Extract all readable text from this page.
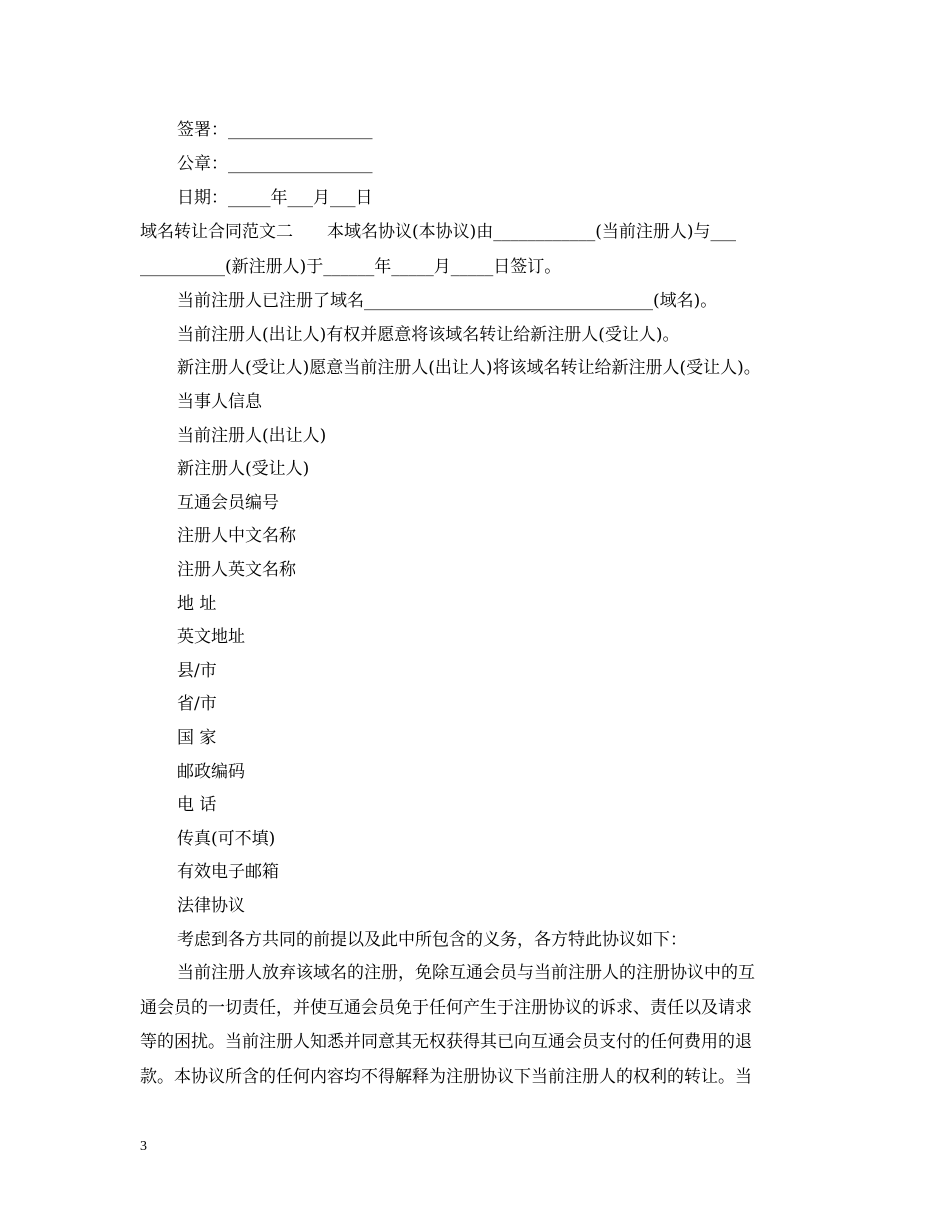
签署：_________________
公章：_________________
日期：_____年___月___日
域名转让合同范文二　　本域名协议(本协议)由____________(当前注册人)与___
__________(新注册人)于______年_____月_____日签订。
当前注册人已注册了域名__________________________________(域名)。
当前注册人(出让人)有权并愿意将该域名转让给新注册人(受让人)。
新注册人(受让人)愿意当前注册人(出让人)将该域名转让给新注册人(受让人)。
当事人信息
当前注册人(出让人)
新注册人(受让人)
互通会员编号
注册人中文名称
注册人英文名称
地 址
英文地址
县/市
省/市
国 家
邮政编码
电 话
传真(可不填)
有效电子邮箱
法律协议
考虑到各方共同的前提以及此中所包含的义务，各方特此协议如下：
当前注册人放弃该域名的注册，免除互通会员与当前注册人的注册协议中的互
通会员的一切责任，并使互通会员免于任何产生于注册协议的诉求、责任以及请求
等的困扰。当前注册人知悉并同意其无权获得其已向互通会员支付的任何费用的退
款。本协议所含的任何内容均不得解释为注册协议下当前注册人的权利的转让。当
3
